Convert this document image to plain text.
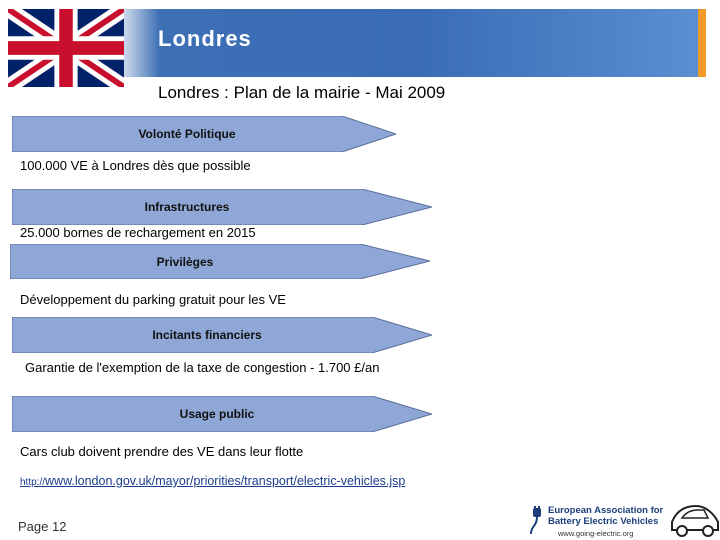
Londres
Londres : Plan de la mairie - Mai 2009
Volonté Politique
100.000 VE à Londres dès que possible
Infrastructures
25.000 bornes de rechargement en 2015
Privilèges
Développement du parking gratuit pour les VE
Incitants financiers
Garantie de l'exemption de la taxe de congestion - 1.700 £/an
Usage public
Cars club doivent prendre des VE dans leur flotte
http://www.london.gov.uk/mayor/priorities/transport/electric-vehicles.jsp
Page 12
European Association for
Battery Electric Vehicles
www.going-electric.org
